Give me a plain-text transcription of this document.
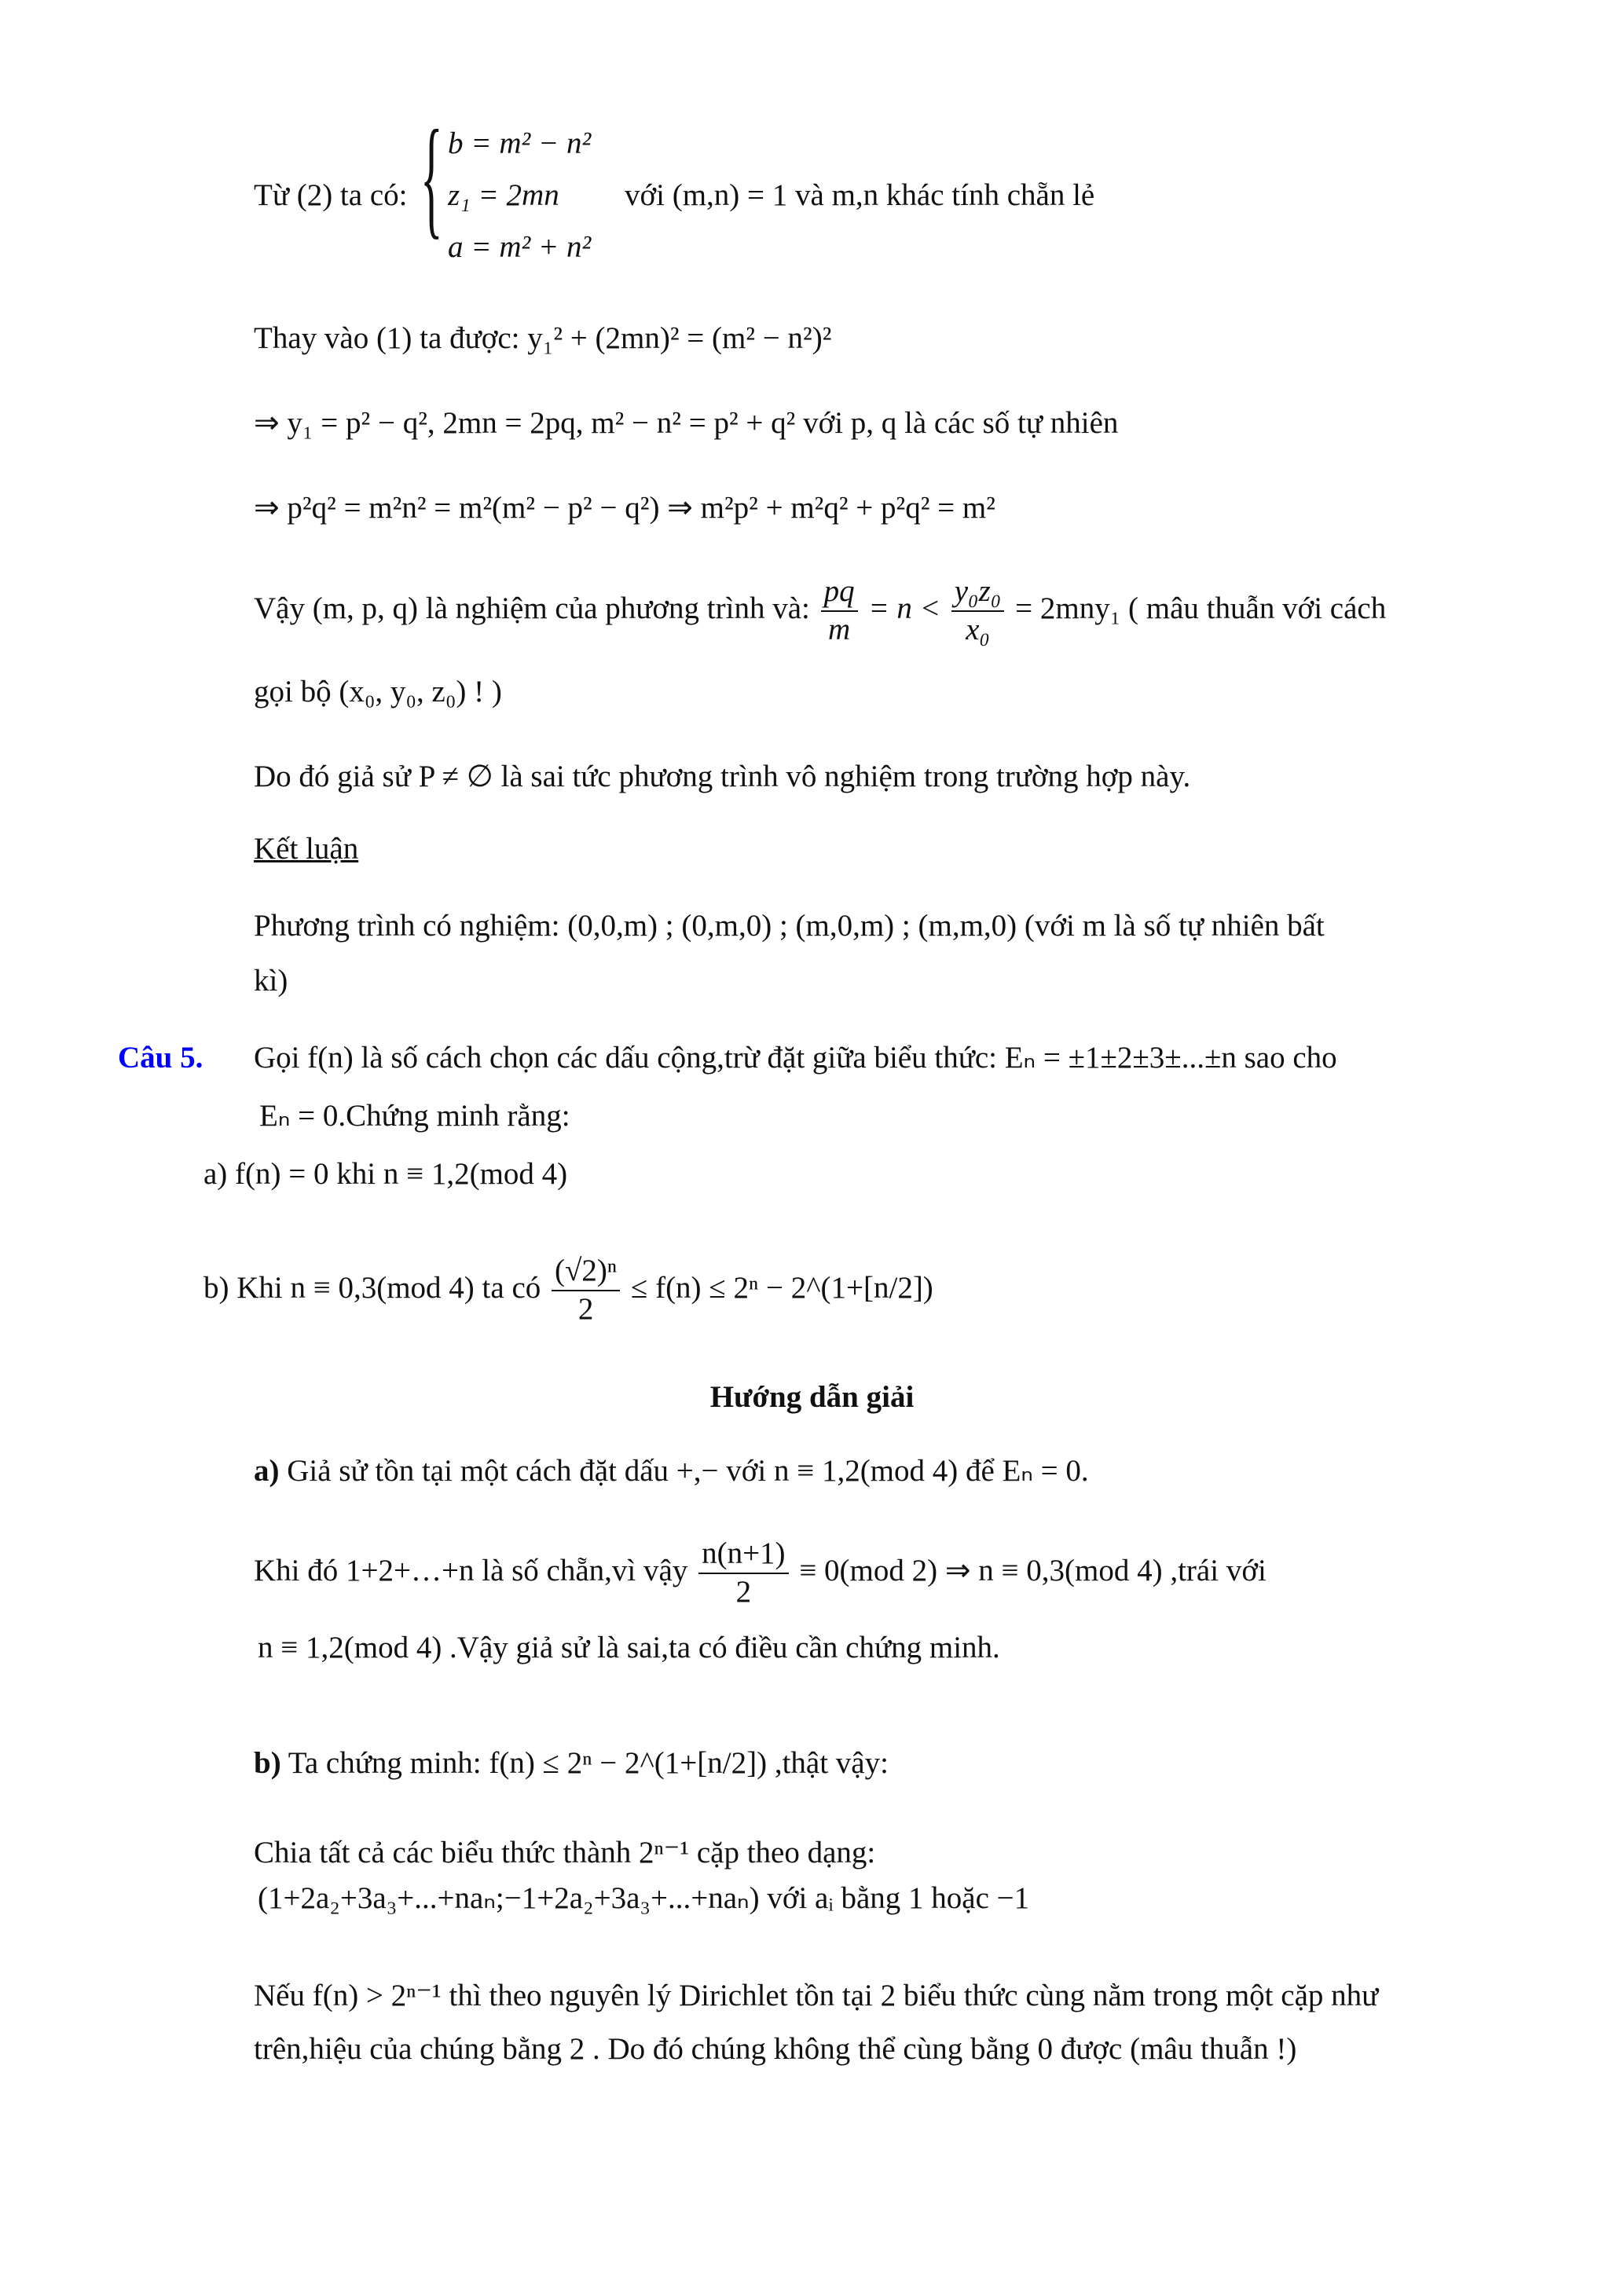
Từ (2) ta có: { b = m² − n²
z₁ = 2mn
a = m² + n²
với (m,n) = 1 và m,n khác tính chẵn lẻ
Thay vào (1) ta được: y₁² + (2mn)² = (m² − n²)²
⇒ y₁ = p² − q², 2mn = 2pq, m² − n² = p² + q² với p, q là các số tự nhiên
⇒ p²q² = m²n² = m²(m² − p² − q²) ⇒ m²p² + m²q² + p²q² = m²
Vậy (m, p, q) là nghiệm của phương trình và: $\frac{pq}{m} = n < \frac{\text{y₀z₀}}{\text{x₀}} = 2mny_1$ ( mâu thuẫn với cách
gọi bộ (x₀, y₀, z₀) ! )
Do đó giả sử P ≠ ∅ là sai tức phương trình vô nghiệm trong trường hợp này.
Kết luận
Phương trình có nghiệm: (0,0,m) ; (0,m,0) ; (m,0,m) ; (m,m,0) (với m là số tự nhiên bất
kì)
Câu 5. Gọi f(n) là số cách chọn các dấu cộng,trừ đặt giữa biểu thức: Eₙ = ±1±2±3±...±n sao cho
Eₙ = 0.Chứng minh rằng:
a) f(n) = 0 khi n ≡ 1,2(mod 4)
b) Khi n ≡ 0,3(mod 4) ta có $\frac{\text{(√2)ⁿ}}{2} \le f(n) \le 2^n$ − 2^(1+[n/2])
Hướng dẫn giải
a) Giả sử tồn tại một cách đặt dấu +,− với n ≡ 1,2(mod 4) để Eₙ = 0.
Khi đó 1+2+…+n là số chẵn,vì vậy $\frac{n(n+1)}{2} \equiv 0(mod$ 2) ⇒ n ≡ 0,3(mod 4) ,trái với
n ≡ 1,2(mod 4) .Vậy giả sử là sai,ta có điều cần chứng minh.
b) Ta chứng minh: f(n) ≤ 2ⁿ − 2^(1+[n/2]) ,thật vậy:
Chia tất cả các biểu thức thành 2ⁿ⁻¹ cặp theo dạng:
(1+2a₂+3a₃+...+naₙ;−1+2a₂+3a₃+...+naₙ) với aᵢ bằng 1 hoặc −1
Nếu f(n) > 2ⁿ⁻¹ thì theo nguyên lý Dirichlet tồn tại 2 biểu thức cùng nằm trong một cặp như
trên,hiệu của chúng bằng 2 . Do đó chúng không thể cùng bằng 0 được (mâu thuẫn !)
